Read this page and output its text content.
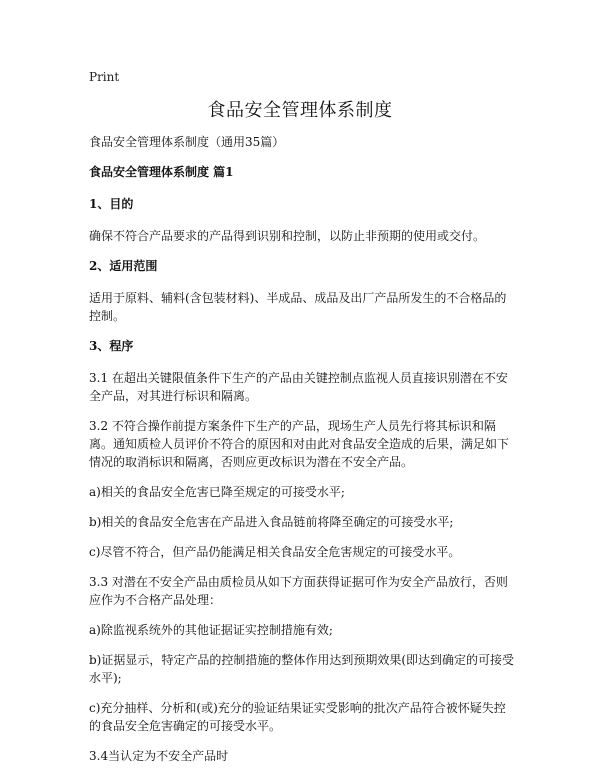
Print
食品安全管理体系制度
食品安全管理体系制度（通用35篇）
食品安全管理体系制度 篇1
1、目的
确保不符合产品要求的产品得到识别和控制，以防止非预期的使用或交付。
2、适用范围
适用于原料、辅料(含包装材料)、半成品、成品及出厂产品所发生的不合格品的控制。
3、程序
3.1 在超出关键限值条件下生产的产品由关键控制点监视人员直接识别潜在不安全产品，对其进行标识和隔离。
3.2 不符合操作前提方案条件下生产的产品，现场生产人员先行将其标识和隔离。通知质检人员评价不符合的原因和对由此对食品安全造成的后果，满足如下情况的取消标识和隔离，否则应更改标识为潜在不安全产品。
a)相关的食品安全危害已降至规定的可接受水平;
b)相关的食品安全危害在产品进入食品链前将降至确定的可接受水平;
c)尽管不符合，但产品仍能满足相关食品安全危害规定的可接受水平。
3.3 对潜在不安全产品由质检员从如下方面获得证据可作为安全产品放行，否则应作为不合格产品处理：
a)除监视系统外的其他证据证实控制措施有效;
b)证据显示，特定产品的控制措施的整体作用达到预期效果(即达到确定的可接受水平);
c)充分抽样、分析和(或)充分的验证结果证实受影响的批次产品符合被怀疑失控的食品安全危害确定的可接受水平。
3.4当认定为不安全产品时
